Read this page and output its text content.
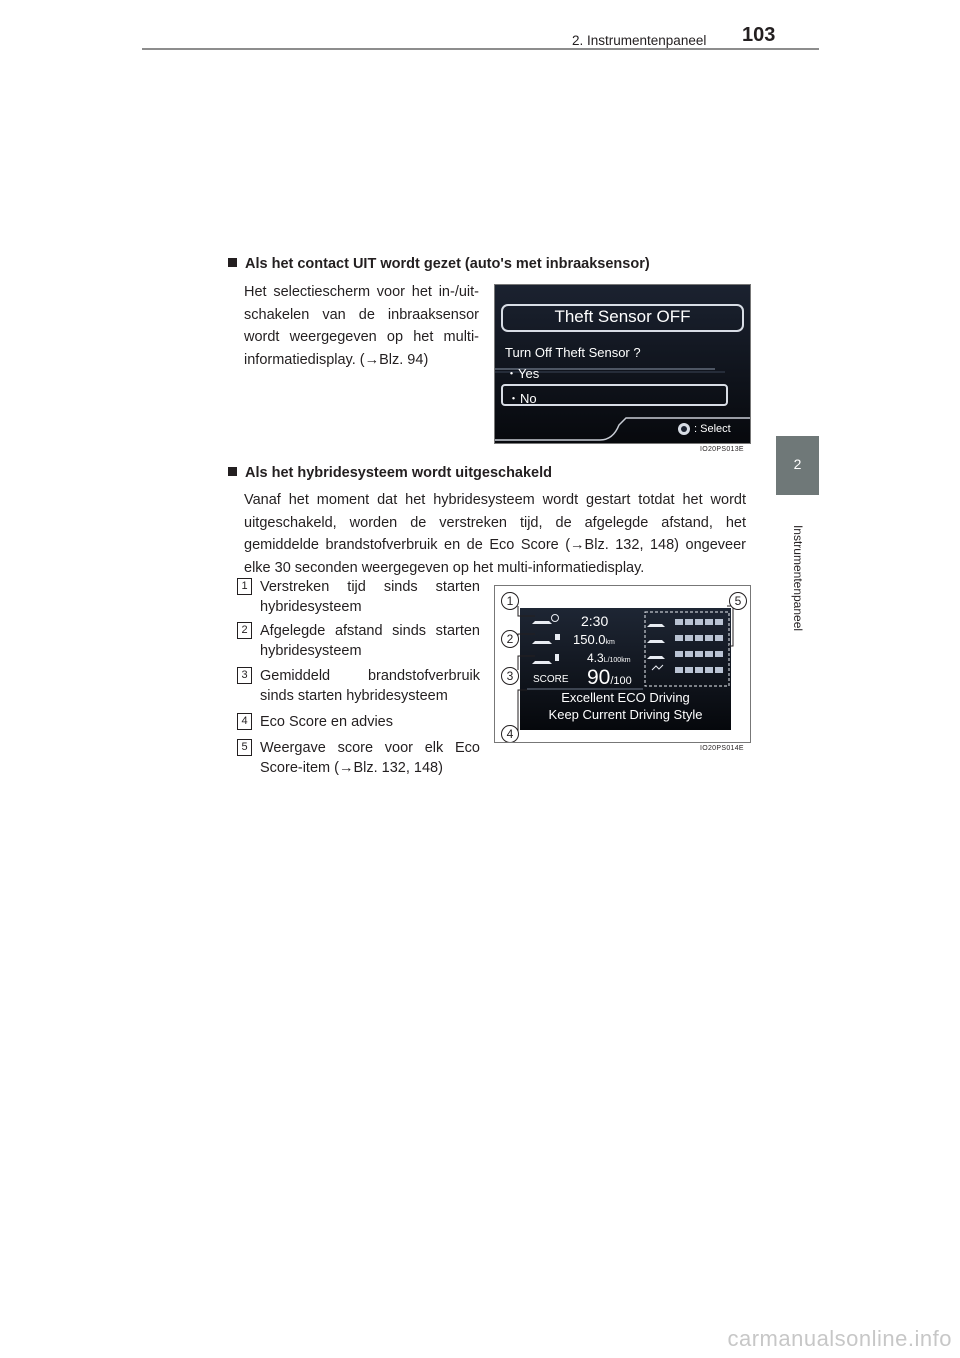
2. Instrumentenpaneel 103
2
Instrumentenpaneel
Als het contact UIT wordt gezet (auto's met inbraaksensor)
Het selectiescherm voor het in-/uit-schakelen van de inbraaksensor wordt weergegeven op het multi-informatiedisplay. (→Blz. 94)
Theft Sensor OFF
Turn Off Theft Sensor ?
・Yes
・No
: Select
IO20PS013E
Als het hybridesysteem wordt uitgeschakeld
Vanaf het moment dat het hybridesysteem wordt gestart totdat het wordt uitgeschakeld, worden de verstreken tijd, de afgelegde afstand, het gemiddelde brandstofverbruik en de Eco Score (→Blz. 132, 148) ongeveer elke 30 seconden weergegeven op het multi-informatiedisplay.
1 Verstreken tijd sinds starten hybridesysteem
2 Afgelegde afstand sinds starten hybridesysteem
3 Gemiddeld brandstofverbruik sinds starten hybridesysteem
4 Eco Score en advies
5 Weergave score voor elk Eco Score-item (→Blz. 132, 148)
1
2
3
4
5
2:30
150.0km
4.3L/100km
SCORE 90/100
Excellent ECO Driving
Keep Current Driving Style
IO20PS014E
carmanualsonline.info
